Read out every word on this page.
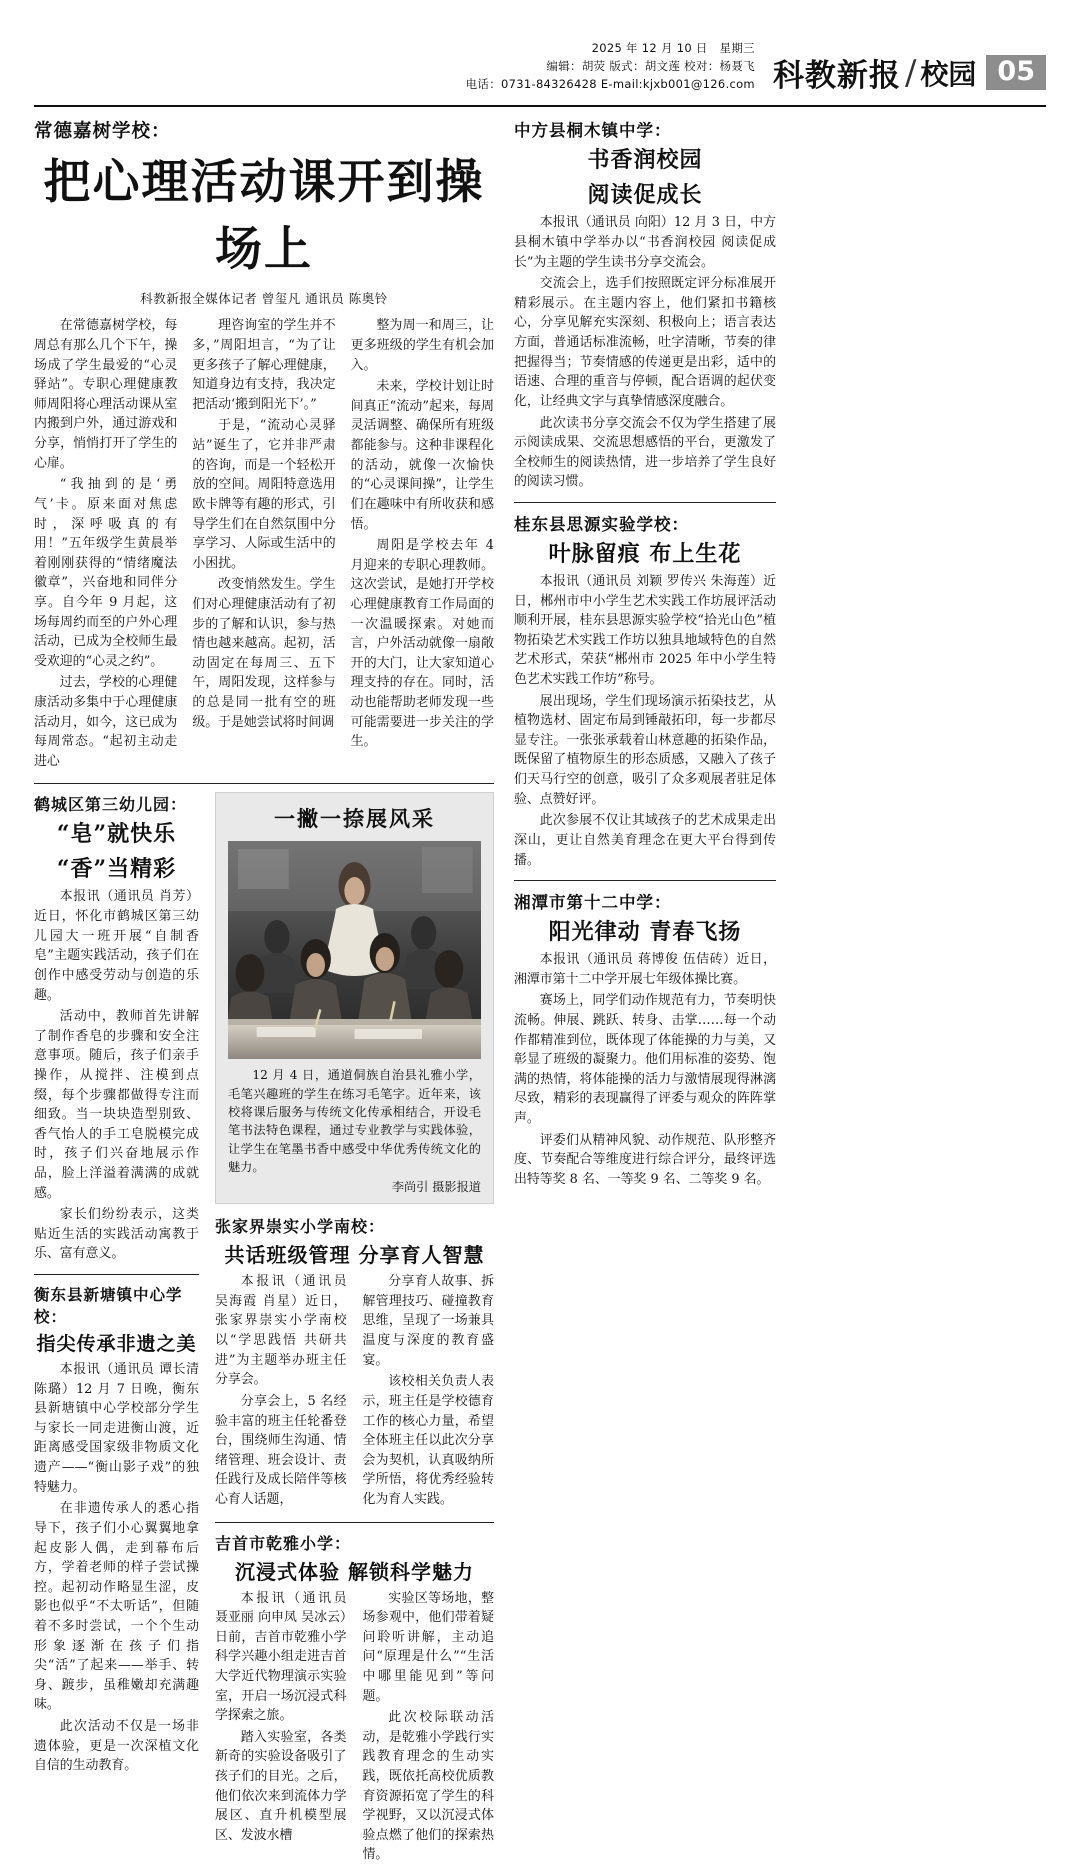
2025 年 12 月 10 日　星期三
编辑：胡荧 版式：胡文莲 校对：杨聂飞
电话：0731-84326428 E-mail:kjxb001@126.com 科教新报 / 校园 05
常德嘉树学校：
把心理活动课开到操场上
科教新报全媒体记者 曾玺凡 通讯员 陈奥铃

在常德嘉树学校，每周总有那么几个下午，操场成了学生最爱的“心灵驿站”。专职心理健康教师周阳将心理活动课从室内搬到户外，通过游戏和分享，悄悄打开了学生的心扉。

“我抽到的是‘勇气’卡。原来面对焦虑时，深呼吸真的有用！”五年级学生黄晨举着刚刚获得的“情绪魔法徽章”，兴奋地和同伴分享。自今年 9 月起，这场每周约而至的户外心理活动，已成为全校师生最受欢迎的“心灵之约”。

过去，学校的心理健康活动多集中于心理健康活动月，如今，这已成为每周常态。“起初主动走进心

理咨询室的学生并不多，”周阳坦言，“为了让更多孩子了解心理健康，知道身边有支持，我决定把活动‘搬到阳光下’。”

于是，“流动心灵驿站”诞生了，它并非严肃的咨询，而是一个轻松开放的空间。周阳特意选用欧卡牌等有趣的形式，引导学生们在自然氛围中分享学习、人际或生活中的小困扰。

改变悄然发生。学生们对心理健康活动有了初步的了解和认识，参与热情也越来越高。起初，活动固定在每周三、五下午，周阳发现，这样参与的总是同一批有空的班级。于是她尝试将时间调

整为周一和周三，让更多班级的学生有机会加入。

未来，学校计划让时间真正“流动”起来，每周灵活调整、确保所有班级都能参与。这种非课程化的活动，就像一次愉快的“心灵课间操”，让学生们在趣味中有所收获和感悟。

周阳是学校去年 4 月迎来的专职心理教师。这次尝试，是她打开学校心理健康教育工作局面的一次温暖探索。对她而言，户外活动就像一扇敞开的大门，让大家知道心理支持的存在。同时，活动也能帮助老师发现一些可能需要进一步关注的学生。

鹤城区第三幼儿园：
“皂”就快乐
“香”当精彩

本报讯（通讯员 肖芳）近日，怀化市鹤城区第三幼儿园大一班开展“自制香皂”主题实践活动，孩子们在创作中感受劳动与创造的乐趣。

活动中，教师首先讲解了制作香皂的步骤和安全注意事项。随后，孩子们亲手操作，从搅拌、注模到点缀，每个步骤都做得专注而细致。当一块块造型别致、香气怡人的手工皂脱模完成时，孩子们兴奋地展示作品，脸上洋溢着满满的成就感。

家长们纷纷表示，这类贴近生活的实践活动寓教于乐、富有意义。

衡东县新塘镇中心学校：
指尖传承非遗之美

本报讯（通讯员 谭长清 陈璐）12 月 7 日晚，衡东县新塘镇中心学校部分学生与家长一同走进衡山渡，近距离感受国家级非物质文化遗产——“衡山影子戏”的独特魅力。

在非遗传承人的悉心指导下，孩子们小心翼翼地拿起皮影人偶，走到幕布后方，学着老师的样子尝试操控。起初动作略显生涩，皮影也似乎“不太听话”，但随着不多时尝试，一个个生动形象逐渐在孩子们指尖“活”了起来——举手、转身、踱步，虽稚嫩却充满趣味。

此次活动不仅是一场非遗体验，更是一次深植文化自信的生动教育。

一撇一捺展风采
12 月 4 日，通道侗族自治县礼雅小学，毛笔兴趣班的学生在练习毛笔字。近年来，该校将课后服务与传统文化传承相结合，开设毛笔书法特色课程，通过专业教学与实践体验，让学生在笔墨书香中感受中华优秀传统文化的魅力。
李尚引 摄影报道
张家界崇实小学南校：
共话班级管理 分享育人智慧

本报讯（通讯员 吴海霞 肖星）近日，张家界崇实小学南校以“学思践悟 共研共进”为主题举办班主任分享会。

分享会上，5 名经验丰富的班主任轮番登台，围绕师生沟通、情绪管理、班会设计、责任践行及成长陪伴等核心育人话题，

分享育人故事、拆解管理技巧、碰撞教育思维，呈现了一场兼具温度与深度的教育盛宴。

该校相关负责人表示，班主任是学校德育工作的核心力量，希望全体班主任以此次分享会为契机，认真吸纳所学所悟，将优秀经验转化为育人实践。

吉首市乾雅小学：
沉浸式体验 解锁科学魅力

本报讯（通讯员 聂亚丽 向申凤 吴冰云）日前，吉首市乾雅小学科学兴趣小组走进吉首大学近代物理演示实验室，开启一场沉浸式科学探索之旅。

踏入实验室，各类新奇的实验设备吸引了孩子们的目光。之后，他们依次来到流体力学展区、直升机模型展区、发波水槽

实验区等场地，整场参观中，他们带着疑问聆听讲解，主动追问“原理是什么”“生活中哪里能见到”等问题。

此次校际联动活动，是乾雅小学践行实践教育理念的生动实践，既依托高校优质教育资源拓宽了学生的科学视野，又以沉浸式体验点燃了他们的探索热情。

中方县桐木镇中学：
书香润校园
阅读促成长

本报讯（通讯员 向阳）12 月 3 日，中方县桐木镇中学举办以“书香润校园 阅读促成长”为主题的学生读书分享交流会。

交流会上，选手们按照既定评分标准展开精彩展示。在主题内容上，他们紧扣书籍核心，分享见解充实深刻、积极向上；语言表达方面，普通话标准流畅，吐字清晰，节奏的律把握得当；节奏情感的传递更是出彩，适中的语速、合理的重音与停顿，配合语调的起伏变化，让经典文字与真挚情感深度融合。

此次读书分享交流会不仅为学生搭建了展示阅读成果、交流思想感悟的平台，更激发了全校师生的阅读热情，进一步培养了学生良好的阅读习惯。

桂东县思源实验学校：
叶脉留痕 布上生花

本报讯（通讯员 刘颖 罗传兴 朱海莲）近日，郴州市中小学生艺术实践工作坊展评活动顺利开展，桂东县思源实验学校“拾光山色”植物拓染艺术实践工作坊以独具地域特色的自然艺术形式，荣获“郴州市 2025 年中小学生特色艺术实践工作坊”称号。

展出现场，学生们现场演示拓染技艺，从植物选材、固定布局到锤敲拓印，每一步都尽显专注。一张张承载着山林意趣的拓染作品，既保留了植物原生的形态质感，又融入了孩子们天马行空的创意，吸引了众多观展者驻足体验、点赞好评。

此次参展不仅让其域孩子的艺术成果走出深山，更让自然美育理念在更大平台得到传播。

湘潭市第十二中学：
阳光律动 青春飞扬

本报讯（通讯员 蒋博俊 伍佶砖）近日，湘潭市第十二中学开展七年级体操比赛。

赛场上，同学们动作规范有力，节奏明快流畅。伸展、跳跃、转身、击掌……每一个动作都精准到位，既体现了体能操的力与美，又彰显了班级的凝聚力。他们用标准的姿势、饱满的热情，将体能操的活力与激情展现得淋漓尽致，精彩的表现赢得了评委与观众的阵阵掌声。

评委们从精神风貌、动作规范、队形整齐度、节奏配合等维度进行综合评分，最终评选出特等奖 8 名、一等奖 9 名、二等奖 9 名。
